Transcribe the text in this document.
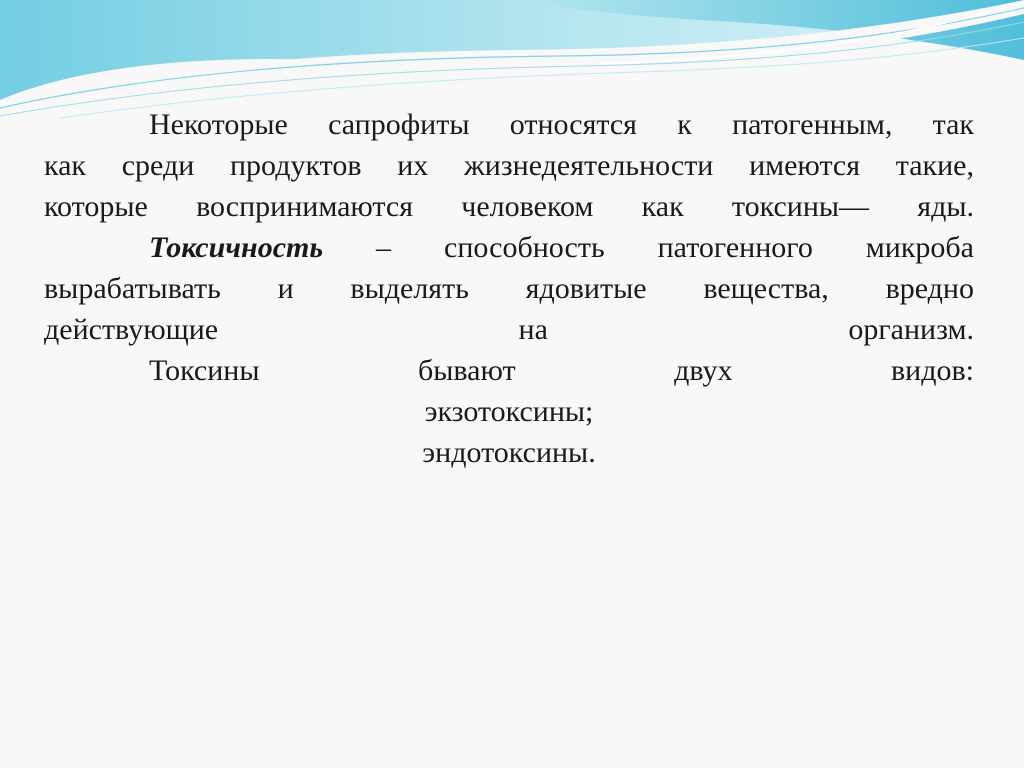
Некоторые сапрофиты относятся к патогенным, так

как среди продуктов их жизнедеятельности имеются такие,

которые воспринимаются человеком как токсины— яды.

Токсичность – способность патогенного микроба

вырабатывать и выделять ядовитые вещества, вредно

действующие на организм.

Токсины бывают двух видов:

экзотоксины;

эндотоксины.
